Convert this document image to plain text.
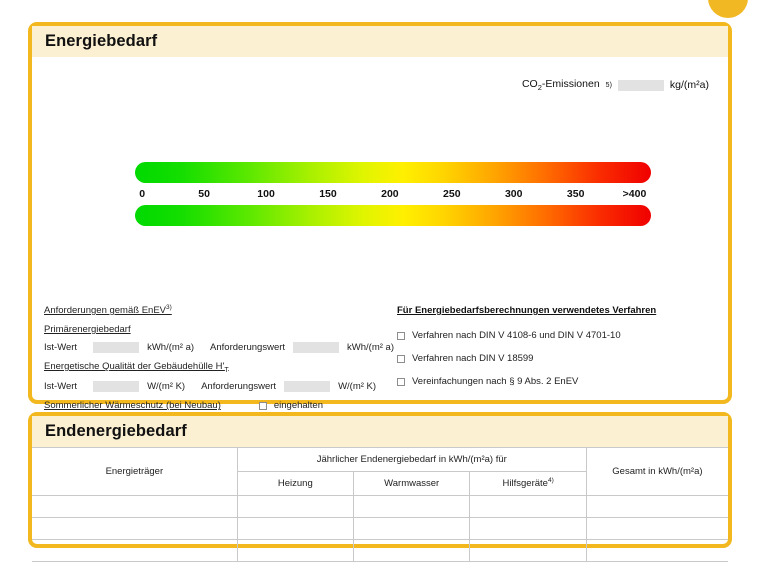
Energiebedarf
$CO_2$-Emissionen 5)	kg/(m²a)
0	50	100	150	200	250	300	350	>400
Anforderungen gemäß EnEV$^{3)}$
Primärenergiebedarf
Ist-Wert	kWh/(m² a) Anforderungswert	kWh/(m² a)
Energetische Qualität der Gebäudehülle $H'_T$
Ist-Wert	W/(m² K) Anforderungswert	W/(m² K)
Sommerlicher Wärmeschutz (bei Neubau)	eingehalten
Für Energiebedarfsberechnungen verwendetes Verfahren
Verfahren nach DIN V 4108-6 und DIN V 4701-10
Verfahren nach DIN V 18599
Vereinfachungen nach § 9 Abs. 2 EnEV
Endenergiebedarf
Energieträger	Jährlicher Endenergiebedarf in kWh/(m²a) für			Gesamt in kWh/(m²a)
	Heizung	Warmwasser	Hilfsgeräte$^{4)}$
